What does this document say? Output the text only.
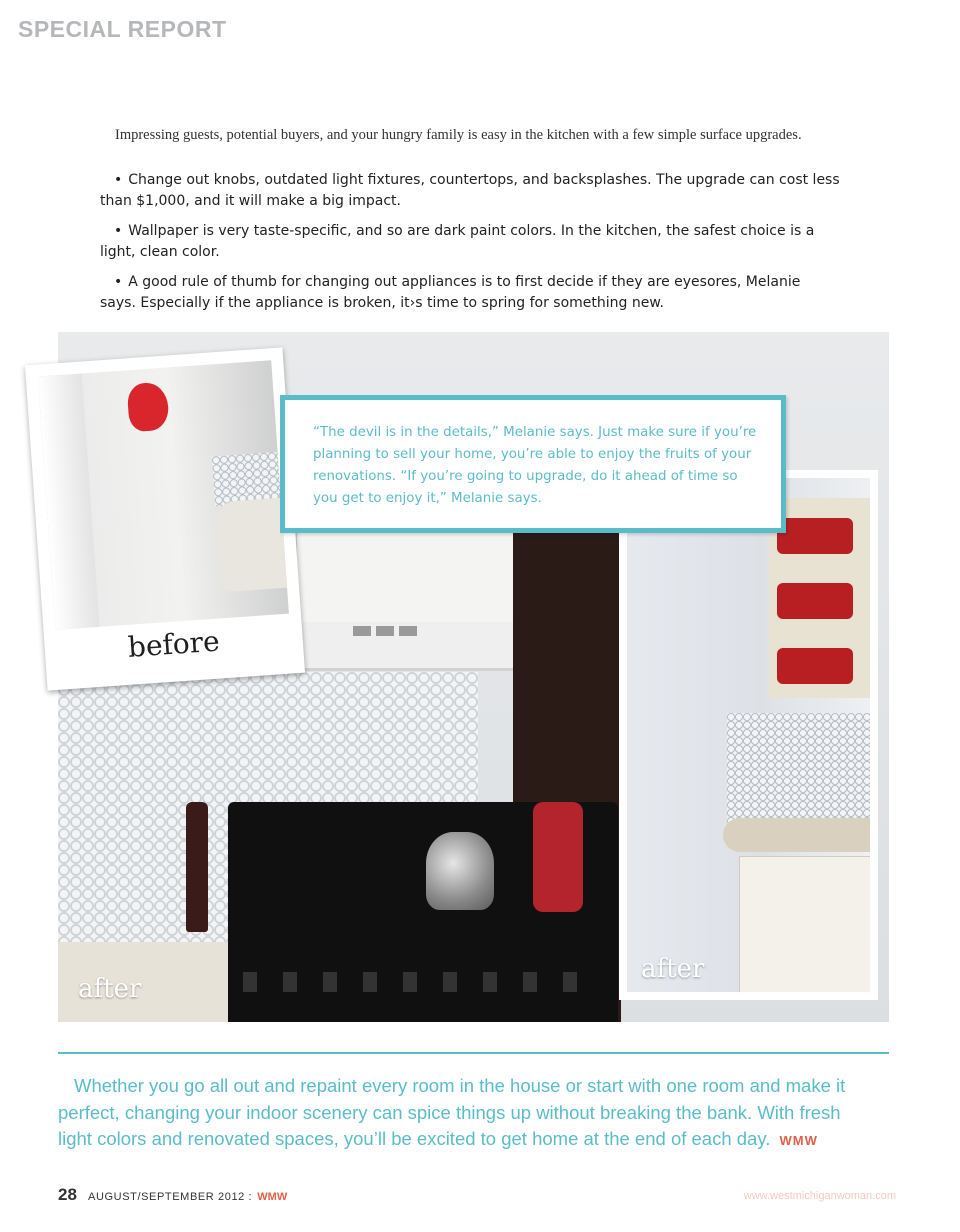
SPECIAL REPORT

Impressing guests, potential buyers, and your hungry family is easy in the kitchen with a few simple surface upgrades.

• Change out knobs, outdated light fixtures, countertops, and backsplashes. The upgrade can cost less than $1,000, and it will make a big impact.

• Wallpaper is very taste-specific, and so are dark paint colors. In the kitchen, the safest choice is a light, clean color.

• A good rule of thumb for changing out appliances is to first decide if they are eyesores, Melanie says. Especially if the appliance is broken, it›s time to spring for something new.

after
before
after

“The devil is in the details,” Melanie says. Just make sure if you’re planning to sell your home, you’re able to enjoy the fruits of your renovations. “If you’re going to upgrade, do it ahead of time so you get to enjoy it,” Melanie says.

Whether you go all out and repaint every room in the house or start with one room and make it perfect, changing your indoor scenery can spice things up without breaking the bank. With fresh light colors and renovated spaces, you’ll be excited to get home at the end of each day. WMW

28 AUGUST/SEPTEMBER 2012 : WMW	www.westmichiganwoman.com
